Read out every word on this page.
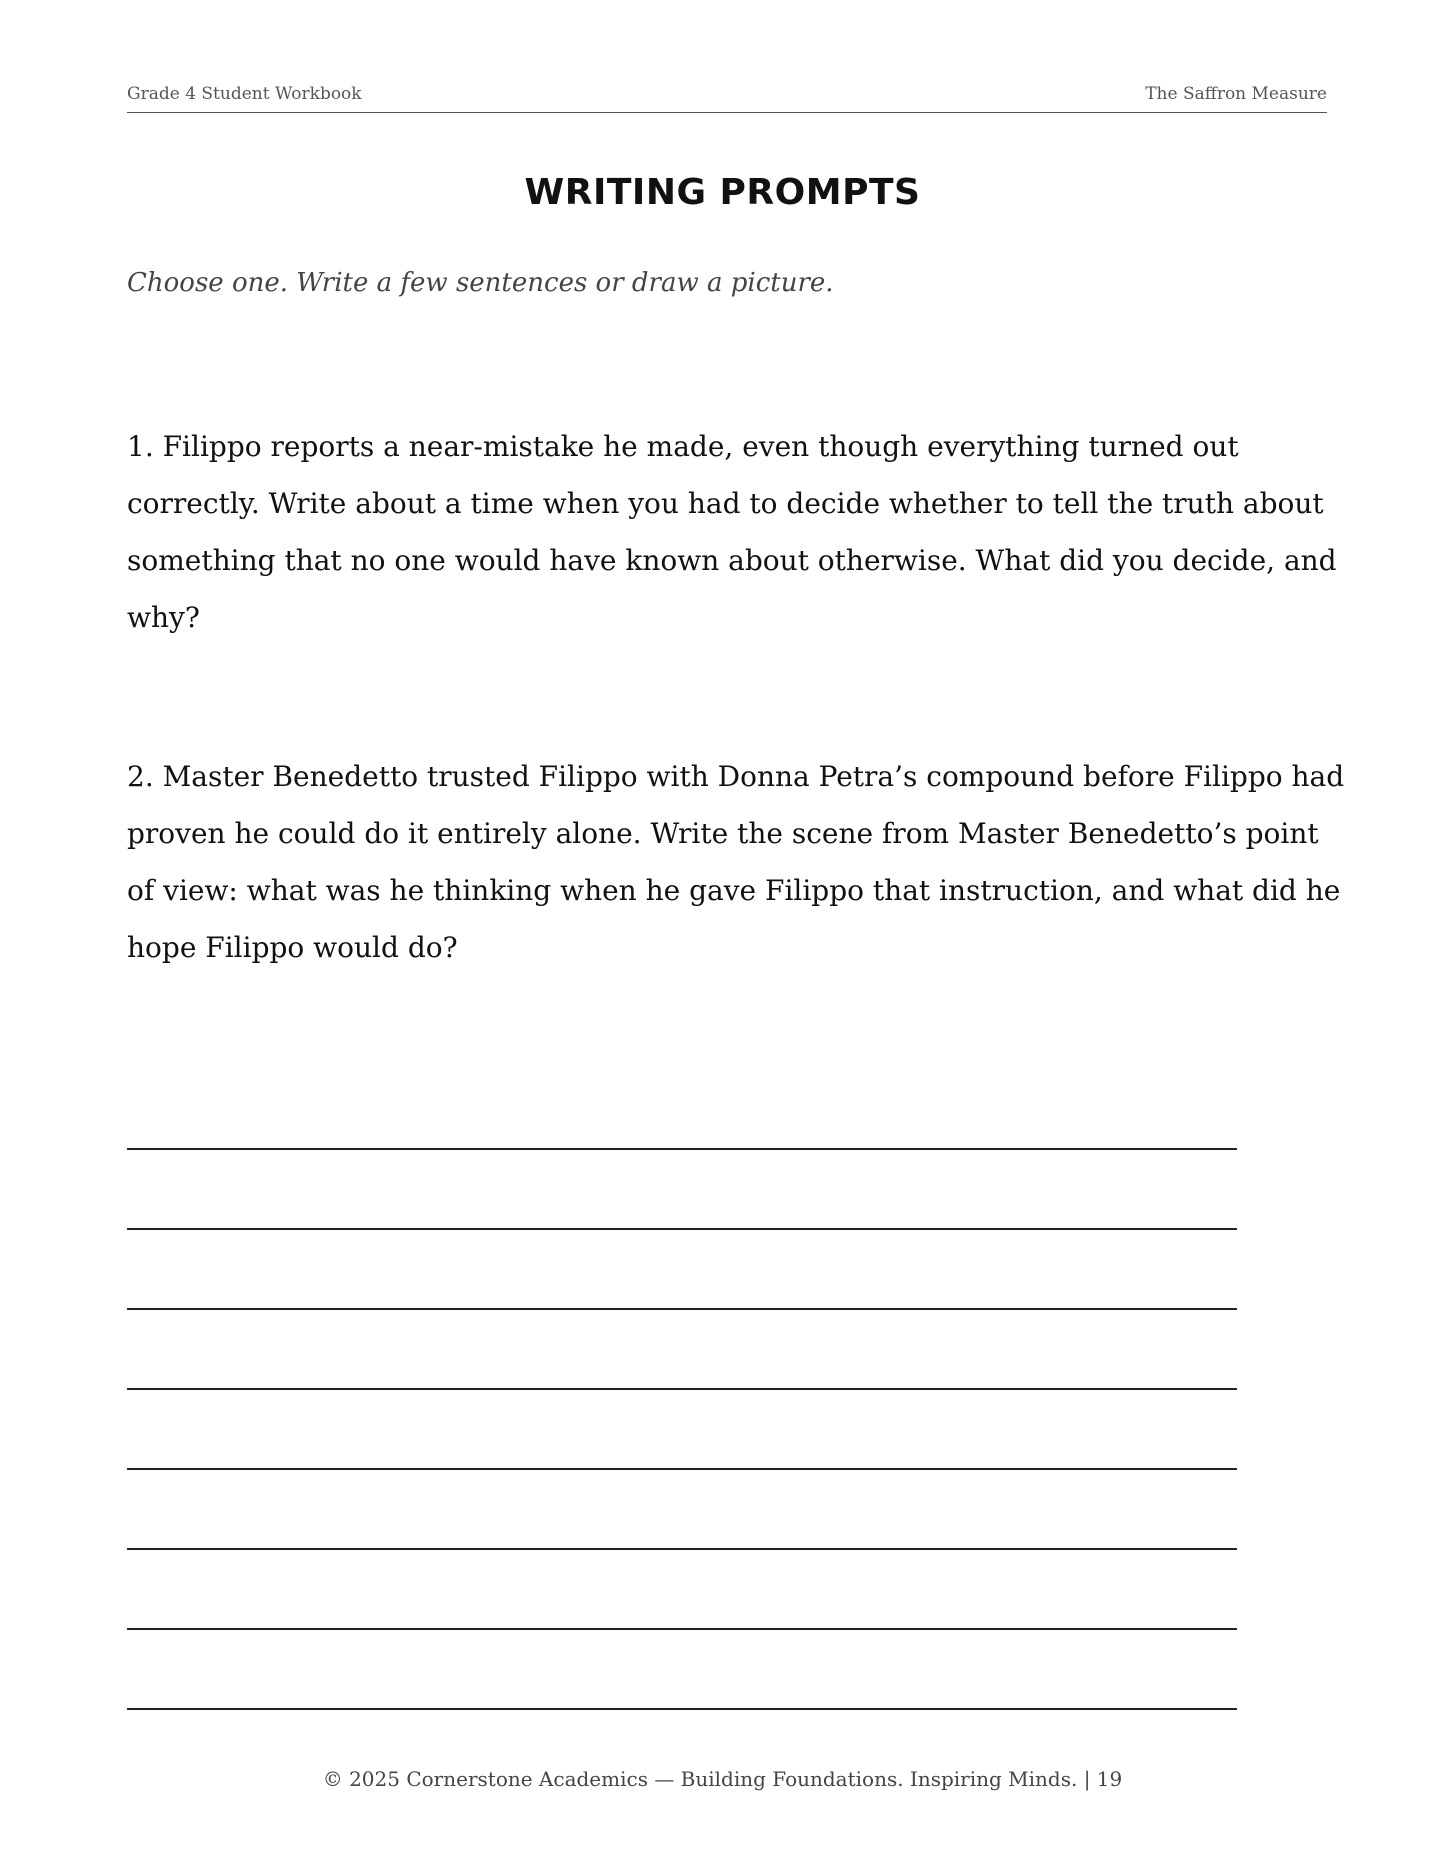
Grade 4 Student Workbook	The Saffron Measure
WRITING PROMPTS
Choose one. Write a few sentences or draw a picture.
1. Filippo reports a near-mistake he made, even though everything turned out correctly. Write about a time when you had to decide whether to tell the truth about something that no one would have known about otherwise. What did you decide, and why?
2. Master Benedetto trusted Filippo with Donna Petra’s compound before Filippo had proven he could do it entirely alone. Write the scene from Master Benedetto’s point of view: what was he thinking when he gave Filippo that instruction, and what did he hope Filippo would do?
© 2025 Cornerstone Academics — Building Foundations. Inspiring Minds. | 19
